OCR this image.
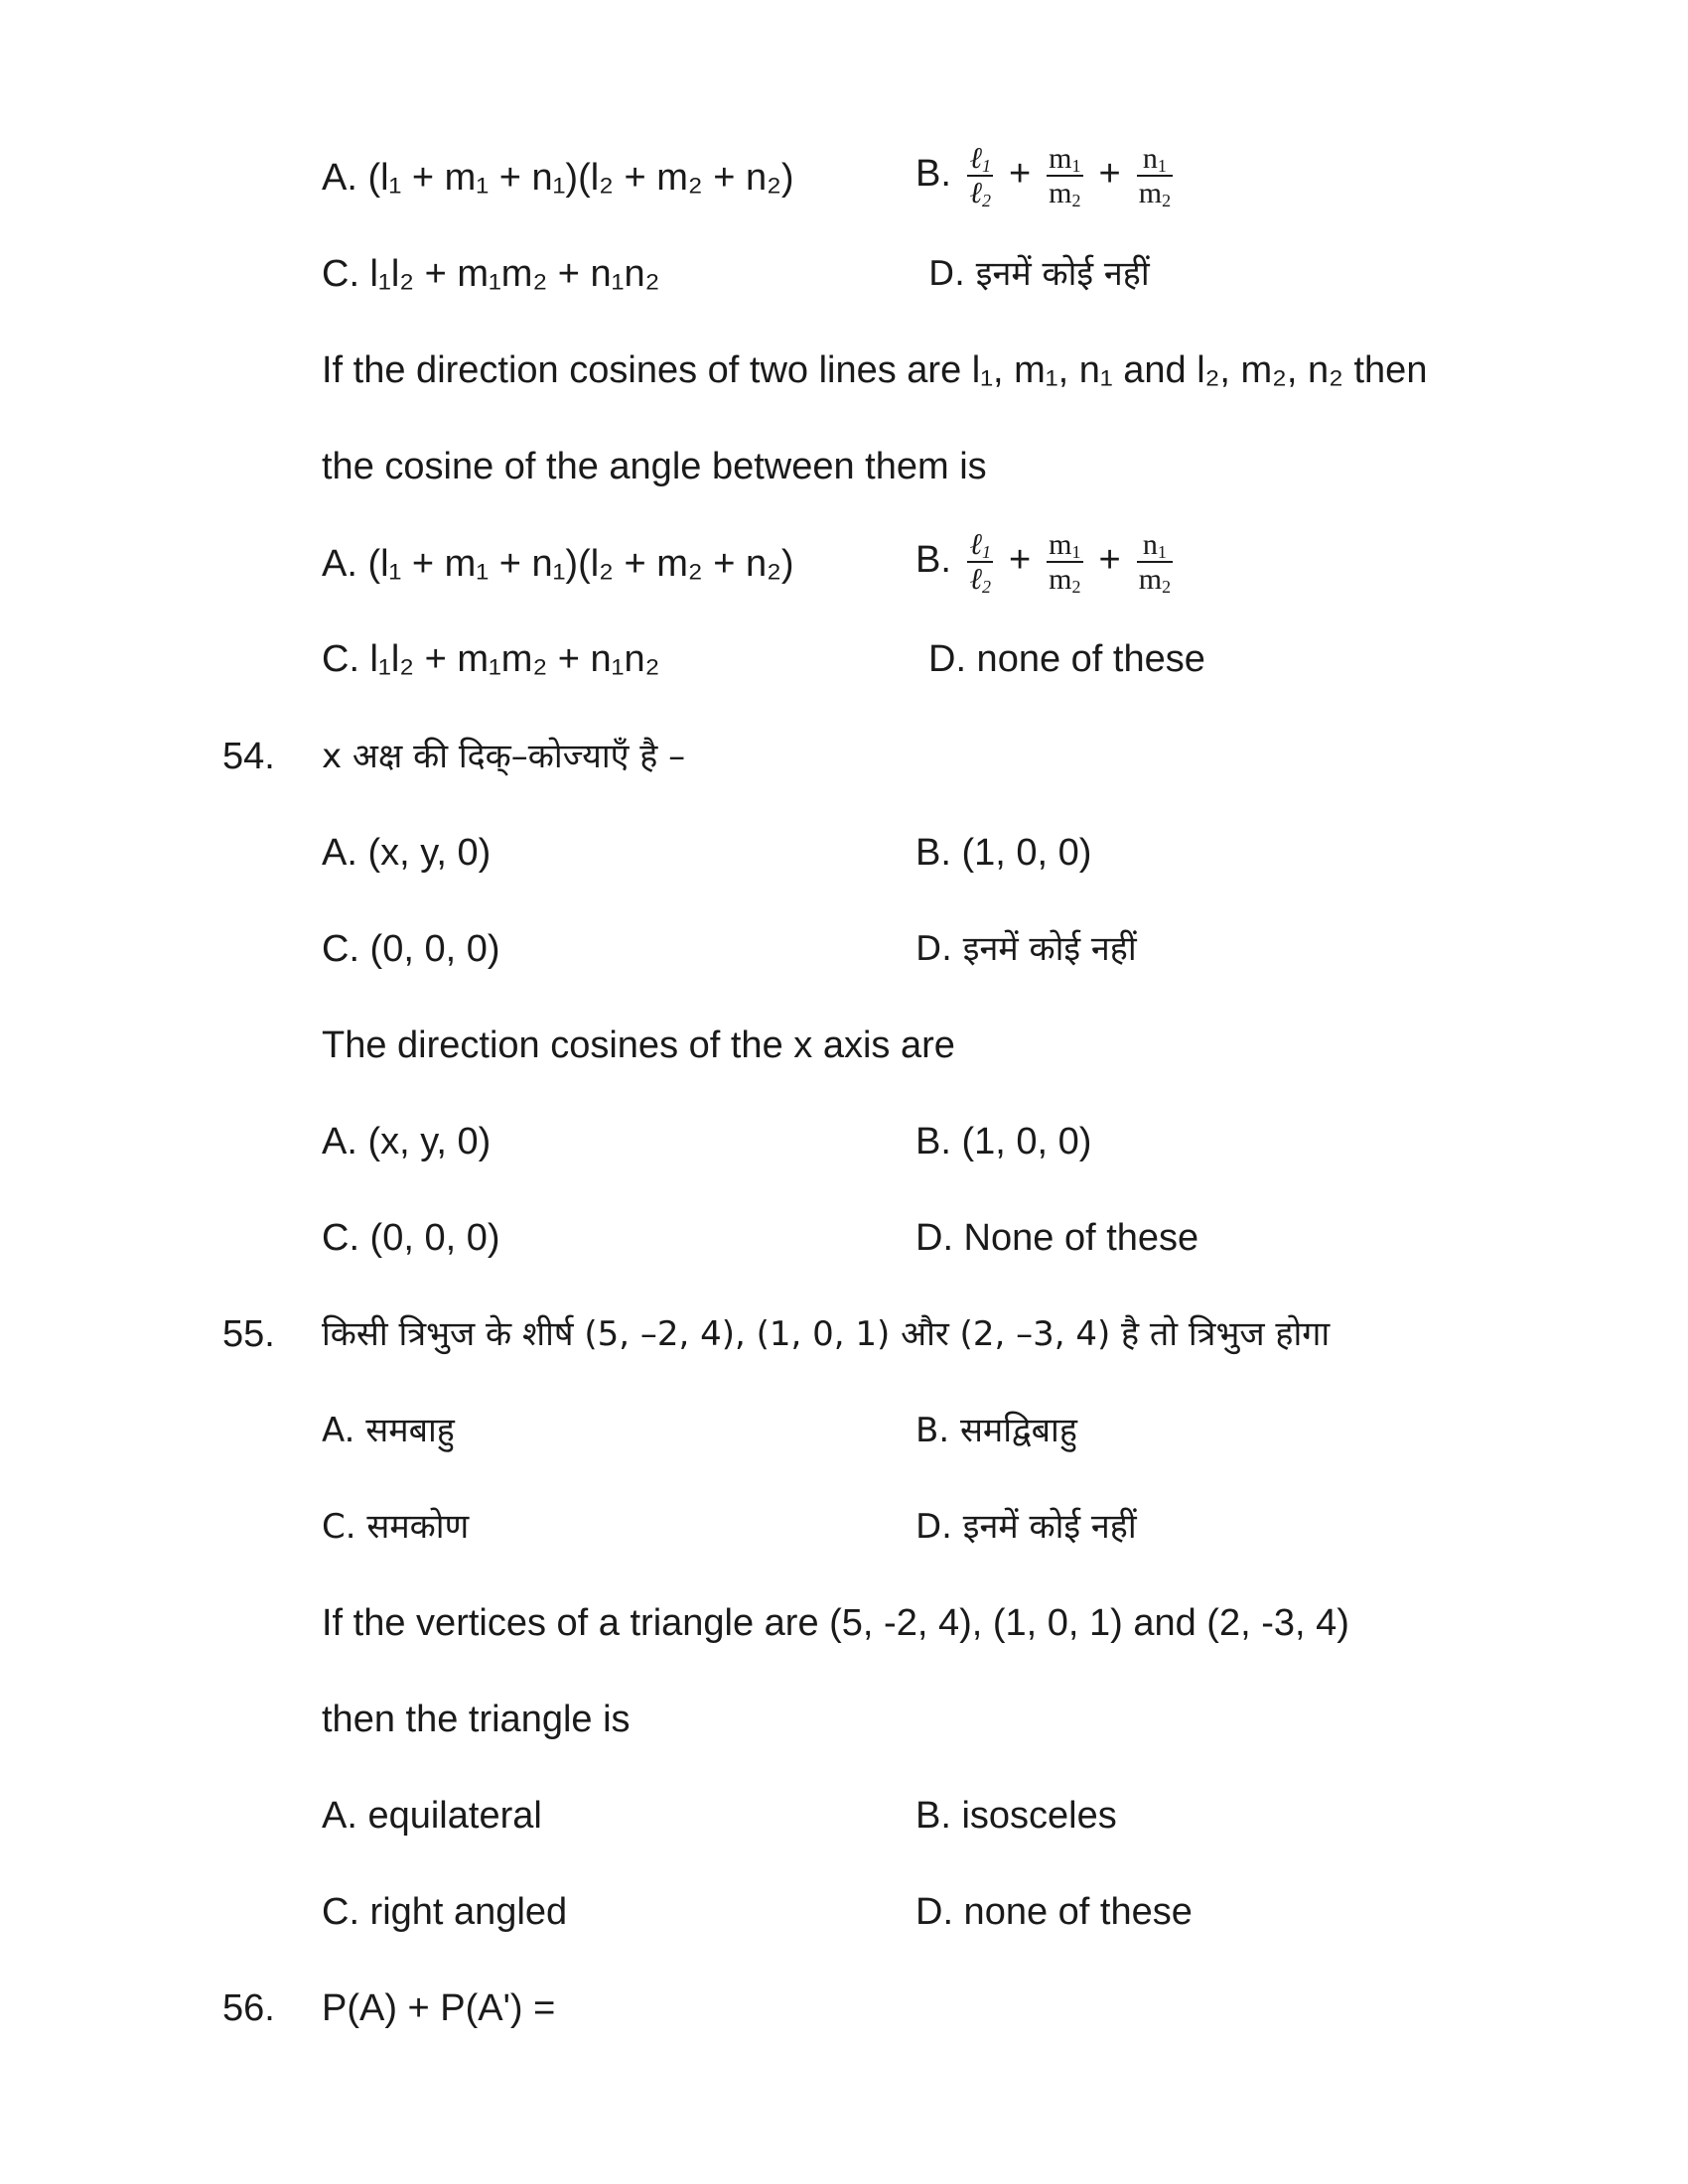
A. (l₁ + m₁ + n₁)(l₂ + m₂ + n₂)	B. $\frac{\ell_1}{\ell_2} + \frac{m_1}{m_2} + \frac{n_1}{m_2}$
C. l₁l₂ + m₁m₂ + n₁n₂	D. इनमें कोई नहीं
If the direction cosines of two lines are l₁, m₁, n₁ and l₂, m₂, n₂ then
the cosine of the angle between them is
A. (l₁ + m₁ + n₁)(l₂ + m₂ + n₂)	B. $\frac{\ell_1}{\ell_2} + \frac{m_1}{m_2} + \frac{n_1}{m_2}$
C. l₁l₂ + m₁m₂ + n₁n₂	D. none of these
54. x अक्ष की दिक्–कोज्याएँ है –
A. (x, y, 0)	B. (1, 0, 0)
C. (0, 0, 0)	D. इनमें कोई नहीं
The direction cosines of the x axis are
A. (x, y, 0)	B. (1, 0, 0)
C. (0, 0, 0)	D. None of these
55. किसी त्रिभुज के शीर्ष (5, –2, 4), (1, 0, 1) और (2, –3, 4) है तो त्रिभुज होगा
A. समबाहु	B. समद्विबाहु
C. समकोण	D. इनमें कोई नहीं
If the vertices of a triangle are (5, -2, 4), (1, 0, 1) and (2, -3, 4)
then the triangle is
A. equilateral	B. isosceles
C. right angled	D. none of these
56. P(A) + P(A') =
